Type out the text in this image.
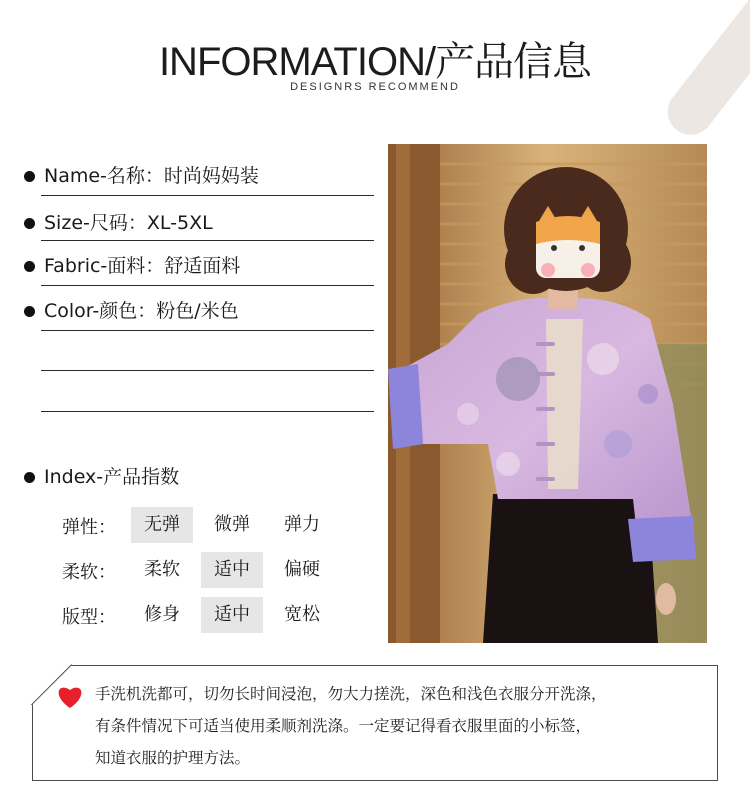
INFORMATION/产品信息
DESIGNRS RECOMMEND
Name-名称：时尚妈妈装
Size-尺码：XL-5XL
Fabric-面料：舒适面料
Color-颜色：粉色/米色
Index-产品指数
弹性：	无弹	微弹	弹力
柔软：	柔软	适中	偏硬
版型：	修身	适中	宽松
手洗机洗都可，切勿长时间浸泡，勿大力搓洗，深色和浅色衣服分开洗涤，
有条件情况下可适当使用柔顺剂洗涤。一定要记得看衣服里面的小标签，
知道衣服的护理方法。
